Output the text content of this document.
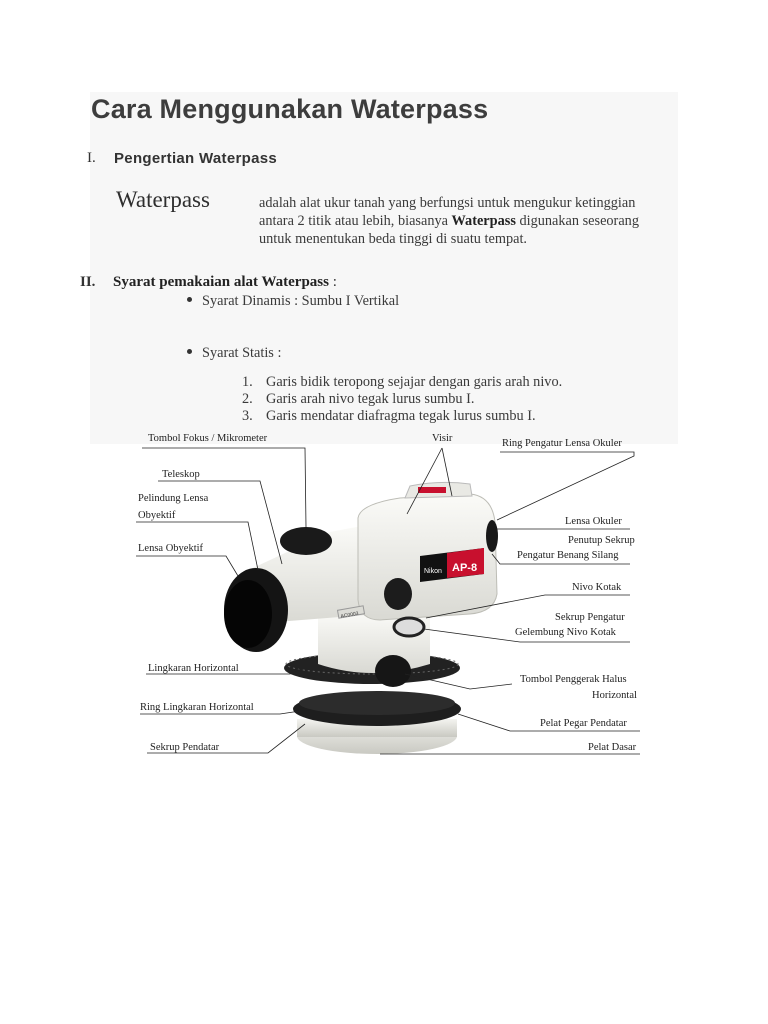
Cara Menggunakan Waterpass
I. Pengertian Waterpass
Waterpass	adalah alat ukur tanah yang berfungsi untuk mengukur ketinggian antara 2 titik atau lebih, biasanya Waterpass digunakan seseorang untuk menentukan beda tinggi di suatu tempat.
II. Syarat pemakaian alat Waterpass :
Syarat Dinamis : Sumbu I Vertikal
Syarat Statis :
1. Garis bidik teropong sejajar dengan garis arah nivo.
2. Garis arah nivo tegak lurus sumbu I.
3. Garis mendatar diafragma tegak lurus sumbu I.
Nikon AP-8
AC0003
Tombol Fokus / Mikrometer
Teleskop
Pelindung Lensa
Obyektif
Lensa Obyektif
Lingkaran Horizontal
Ring Lingkaran Horizontal
Sekrup Pendatar
Visir	Ring Pengatur Lensa Okuler
Lensa Okuler
Penutup Sekrup
Pengatur Benang Silang
Nivo Kotak
Sekrup Pengatur
Gelembung Nivo Kotak
Tombol Penggerak Halus
Horizontal
Pelat Pegar Pendatar
Pelat Dasar
